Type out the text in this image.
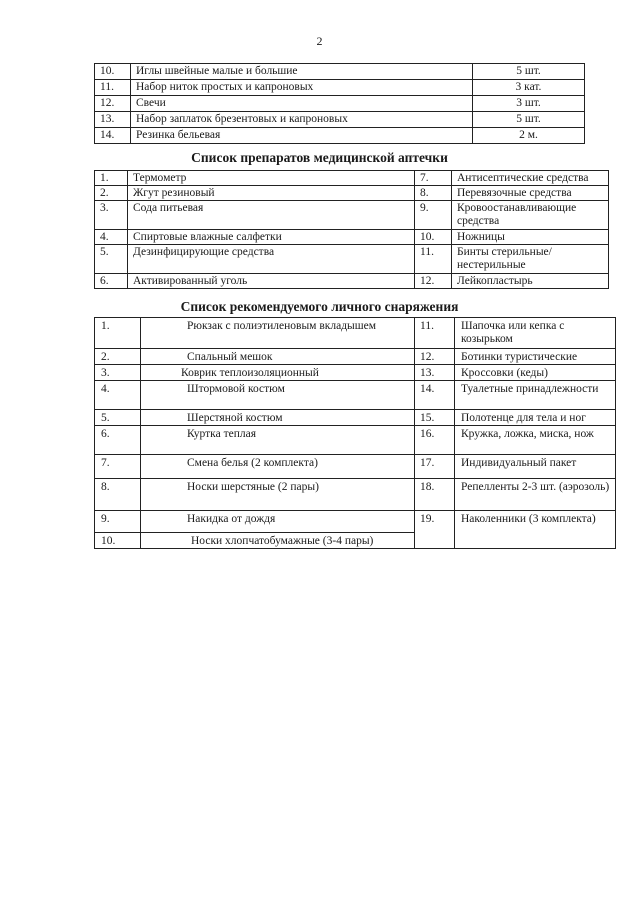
2
10.	Иглы швейные малые и большие	5 шт.
11.	Набор ниток простых и капроновых	3 кат.
12.	Свечи	3 шт.
13.	Набор заплаток брезентовых и капроновых	5 шт.
14.	Резинка бельевая	2 м.
Список препаратов медицинской аптечки
1.	Термометр	7.	Антисептические средства
2.	Жгут резиновый	8.	Перевязочные средства
3.	Сода питьевая	9.	Кровоостанавливающие средства
4.	Спиртовые влажные салфетки	10.	Ножницы
5.	Дезинфицирующие средства	11.	Бинты стерильные/нестерильные
6.	Активированный уголь	12.	Лейкопластырь
Список рекомендуемого личного снаряжения
1.	Рюкзак с полиэтиленовым вкладышем	11.	Шапочка или кепка с козырьком
2.	Спальный мешок	12.	Ботинки туристические
3.	Коврик теплоизоляционный	13.	Кроссовки (кеды)
4.	Штормовой костюм	14.	Туалетные принадлежности
5.	Шерстяной костюм	15.	Полотенце для тела и ног
6.	Куртка теплая	16.	Кружка, ложка, миска, нож
7.	Смена белья (2 комплекта)	17.	Индивидуальный пакет
8.	Носки шерстяные (2 пары)	18.	Репелленты 2-3 шт. (аэрозоль)
9.	Накидка от дождя	19.	Наколенники (3 комплекта)
10.	Носки хлопчатобумажные (3-4 пары)		
